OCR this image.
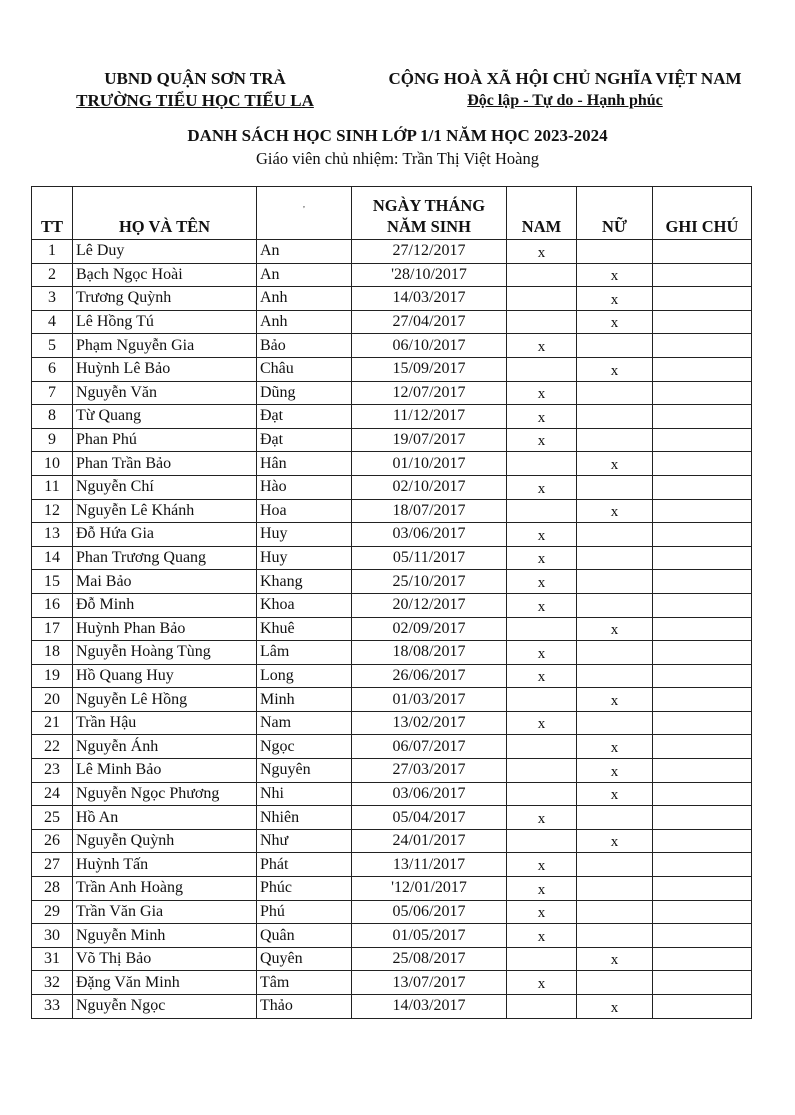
UBND QUẬN SƠN TRÀ
TRƯỜNG TIỂU HỌC TIỂU LA
CỘNG HOÀ XÃ HỘI CHỦ NGHĨA VIỆT NAM
Độc lập - Tự do - Hạnh phúc
DANH SÁCH HỌC SINH LỚP 1/1 NĂM HỌC 2023-2024
Giáo viên chủ nhiệm: Trần Thị Việt Hoàng
TT	HỌ VÀ TÊN	,	NGÀY THÁNG NĂM SINH	NAM	NỮ	GHI CHÚ
1	Lê Duy	An	27/12/2017	x		
2	Bạch Ngọc Hoài	An	'28/10/2017		x	
3	Trương Quỳnh	Anh	14/03/2017		x	
4	Lê Hồng Tú	Anh	27/04/2017		x	
5	Phạm Nguyễn Gia	Bảo	06/10/2017	x		
6	Huỳnh Lê Bảo	Châu	15/09/2017		x	
7	Nguyễn Văn	Dũng	12/07/2017	x		
8	Từ Quang	Đạt	11/12/2017	x		
9	Phan Phú	Đạt	19/07/2017	x		
10	Phan Trần Bảo	Hân	01/10/2017		x	
11	Nguyễn Chí	Hào	02/10/2017	x		
12	Nguyễn Lê Khánh	Hoa	18/07/2017		x	
13	Đỗ Hứa Gia	Huy	03/06/2017	x		
14	Phan Trương Quang	Huy	05/11/2017	x		
15	Mai Bảo	Khang	25/10/2017	x		
16	Đỗ Minh	Khoa	20/12/2017	x		
17	Huỳnh Phan Bảo	Khuê	02/09/2017		x	
18	Nguyễn Hoàng Tùng	Lâm	18/08/2017	x		
19	Hồ Quang Huy	Long	26/06/2017	x		
20	Nguyễn Lê Hồng	Minh	01/03/2017		x	
21	Trần Hậu	Nam	13/02/2017	x		
22	Nguyễn Ánh	Ngọc	06/07/2017		x	
23	Lê Minh Bảo	Nguyên	27/03/2017		x	
24	Nguyễn Ngọc Phương	Nhi	03/06/2017		x	
25	Hồ An	Nhiên	05/04/2017	x		
26	Nguyễn Quỳnh	Như	24/01/2017		x	
27	Huỳnh Tấn	Phát	13/11/2017	x		
28	Trần Anh Hoàng	Phúc	'12/01/2017	x		
29	Trần Văn Gia	Phú	05/06/2017	x		
30	Nguyễn Minh	Quân	01/05/2017	x		
31	Võ Thị Bảo	Quyên	25/08/2017		x	
32	Đặng Văn Minh	Tâm	13/07/2017	x		
33	Nguyễn Ngọc	Thảo	14/03/2017		x	
